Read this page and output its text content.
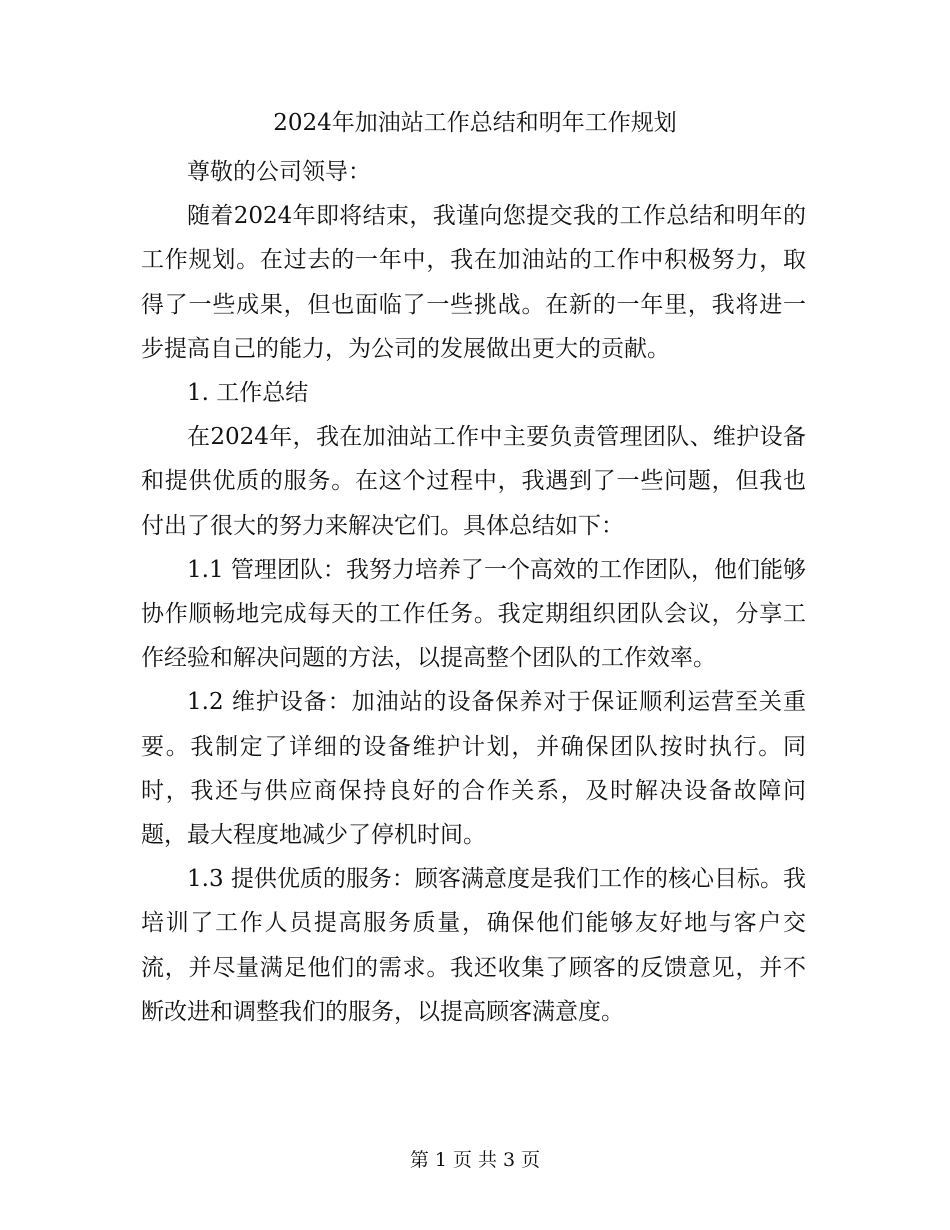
2024年加油站工作总结和明年工作规划

尊敬的公司领导：

随着2024年即将结束，我谨向您提交我的工作总结和明年的工作规划。在过去的一年中，我在加油站的工作中积极努力，取得了一些成果，但也面临了一些挑战。在新的一年里，我将进一步提高自己的能力，为公司的发展做出更大的贡献。

1. 工作总结

在2024年，我在加油站工作中主要负责管理团队、维护设备和提供优质的服务。在这个过程中，我遇到了一些问题，但我也付出了很大的努力来解决它们。具体总结如下：

1.1 管理团队：我努力培养了一个高效的工作团队，他们能够协作顺畅地完成每天的工作任务。我定期组织团队会议，分享工作经验和解决问题的方法，以提高整个团队的工作效率。

1.2 维护设备：加油站的设备保养对于保证顺利运营至关重要。我制定了详细的设备维护计划，并确保团队按时执行。同时，我还与供应商保持良好的合作关系，及时解决设备故障问题，最大程度地减少了停机时间。

1.3 提供优质的服务：顾客满意度是我们工作的核心目标。我培训了工作人员提高服务质量，确保他们能够友好地与客户交流，并尽量满足他们的需求。我还收集了顾客的反馈意见，并不断改进和调整我们的服务，以提高顾客满意度。

第 1 页 共 3 页
